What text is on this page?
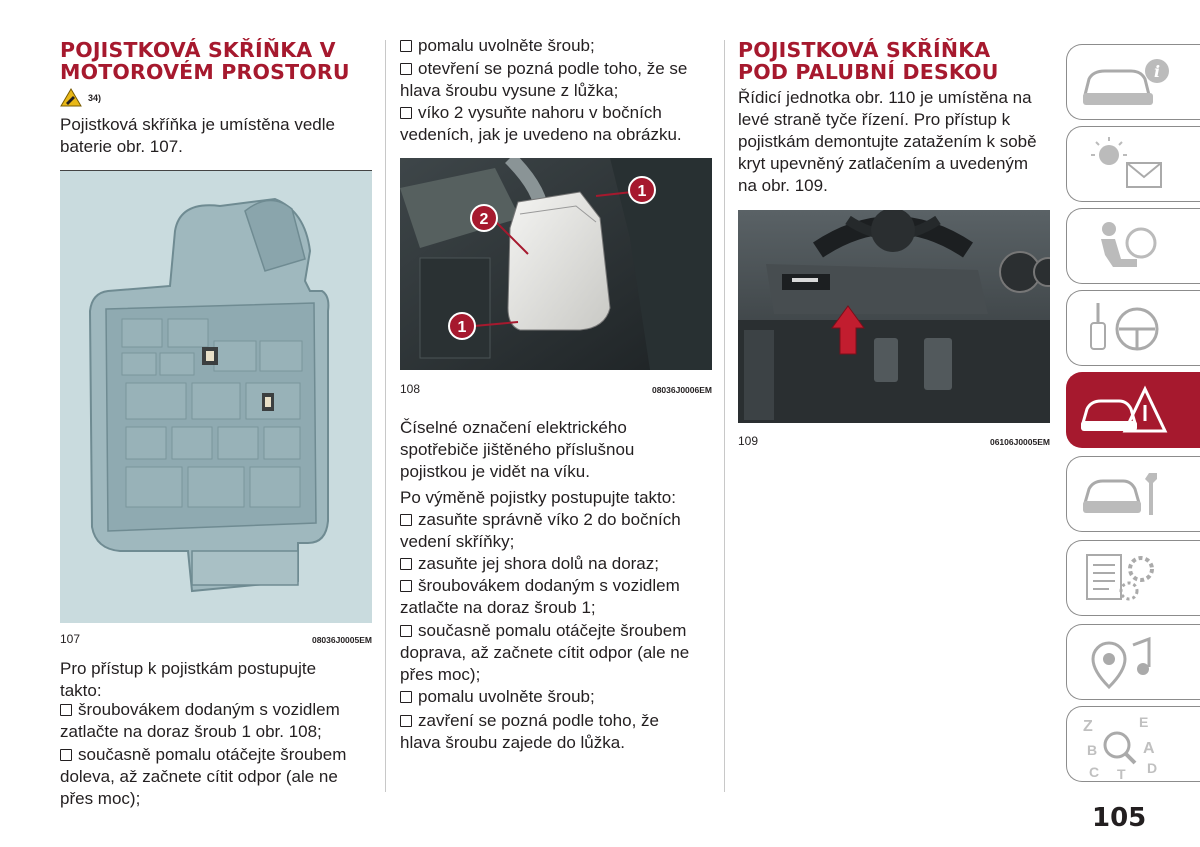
POJISTKOVÁ SKŘÍŇKA V MOTOROVÉM PROSTORU
34)

Pojistková skříňka je umístěna vedle baterie obr. 107.

107	08036J0005EM

Pro přístup k pojistkám postupujte takto:

šroubovákem dodaným s vozidlem zatlačte na doraz šroub 1 obr. 108;

současně pomalu otáčejte šroubem doleva, až začnete cítit odpor (ale ne přes moc);

pomalu uvolněte šroub;

otevření se pozná podle toho, že se hlava šroubu vysune z lůžka;

víko 2 vysuňte nahoru v bočních vedeních, jak je uvedeno na obrázku.

1
2
1
108	08036J0006EM

Číselné označení elektrického spotřebiče jištěného příslušnou pojistkou je vidět na víku.

Po výměně pojistky postupujte takto:

zasuňte správně víko 2 do bočních vedení skříňky;

zasuňte jej shora dolů na doraz;

šroubovákem dodaným s vozidlem zatlačte na doraz šroub 1;

současně pomalu otáčejte šroubem doprava, až začnete cítit odpor (ale ne přes moc);

pomalu uvolněte šroub;

zavření se pozná podle toho, že hlava šroubu zajede do lůžka.

POJISTKOVÁ SKŘÍŇKA POD PALUBNÍ DESKOU

Řídicí jednotka obr. 110 je umístěna na levé straně tyče řízení. Pro přístup k pojistkám demontujte zatažením k sobě kryt upevněný zatlačením a uvedeným na obr. 109.

109	06106J0005EM
i
Z	E
B	A
C T D
105
